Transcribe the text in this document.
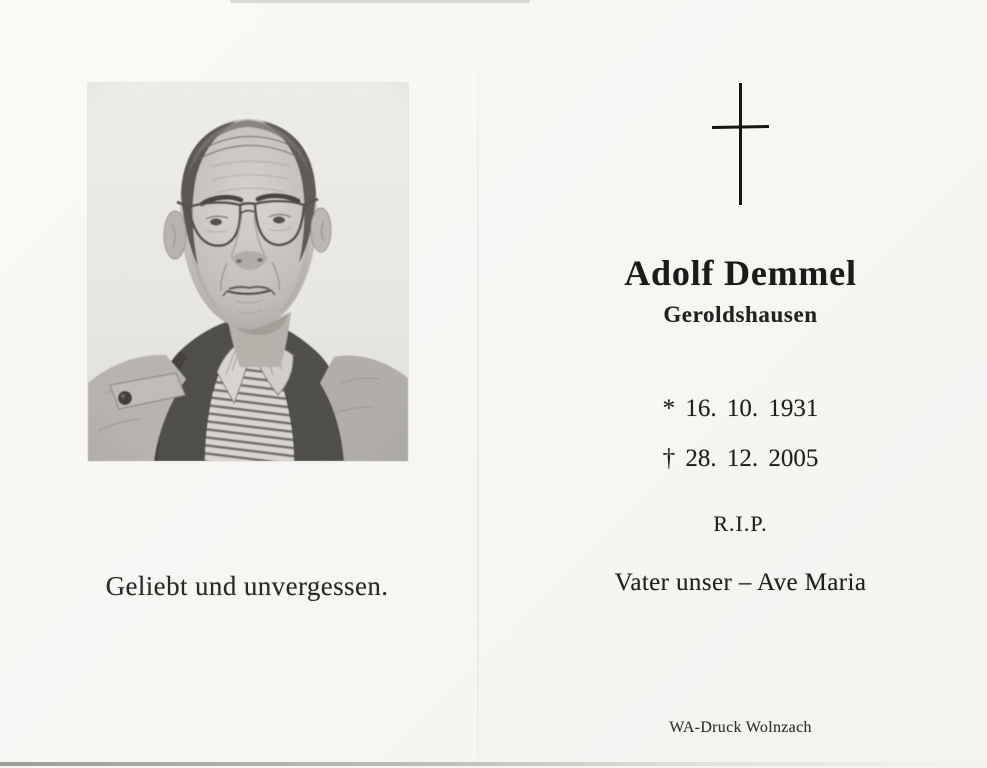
Geliebt und unvergessen.
Adolf Demmel
Geroldshausen
* 16. 10. 1931
† 28. 12. 2005
R.I.P.
Vater unser – Ave Maria
WA-Druck Wolnzach
